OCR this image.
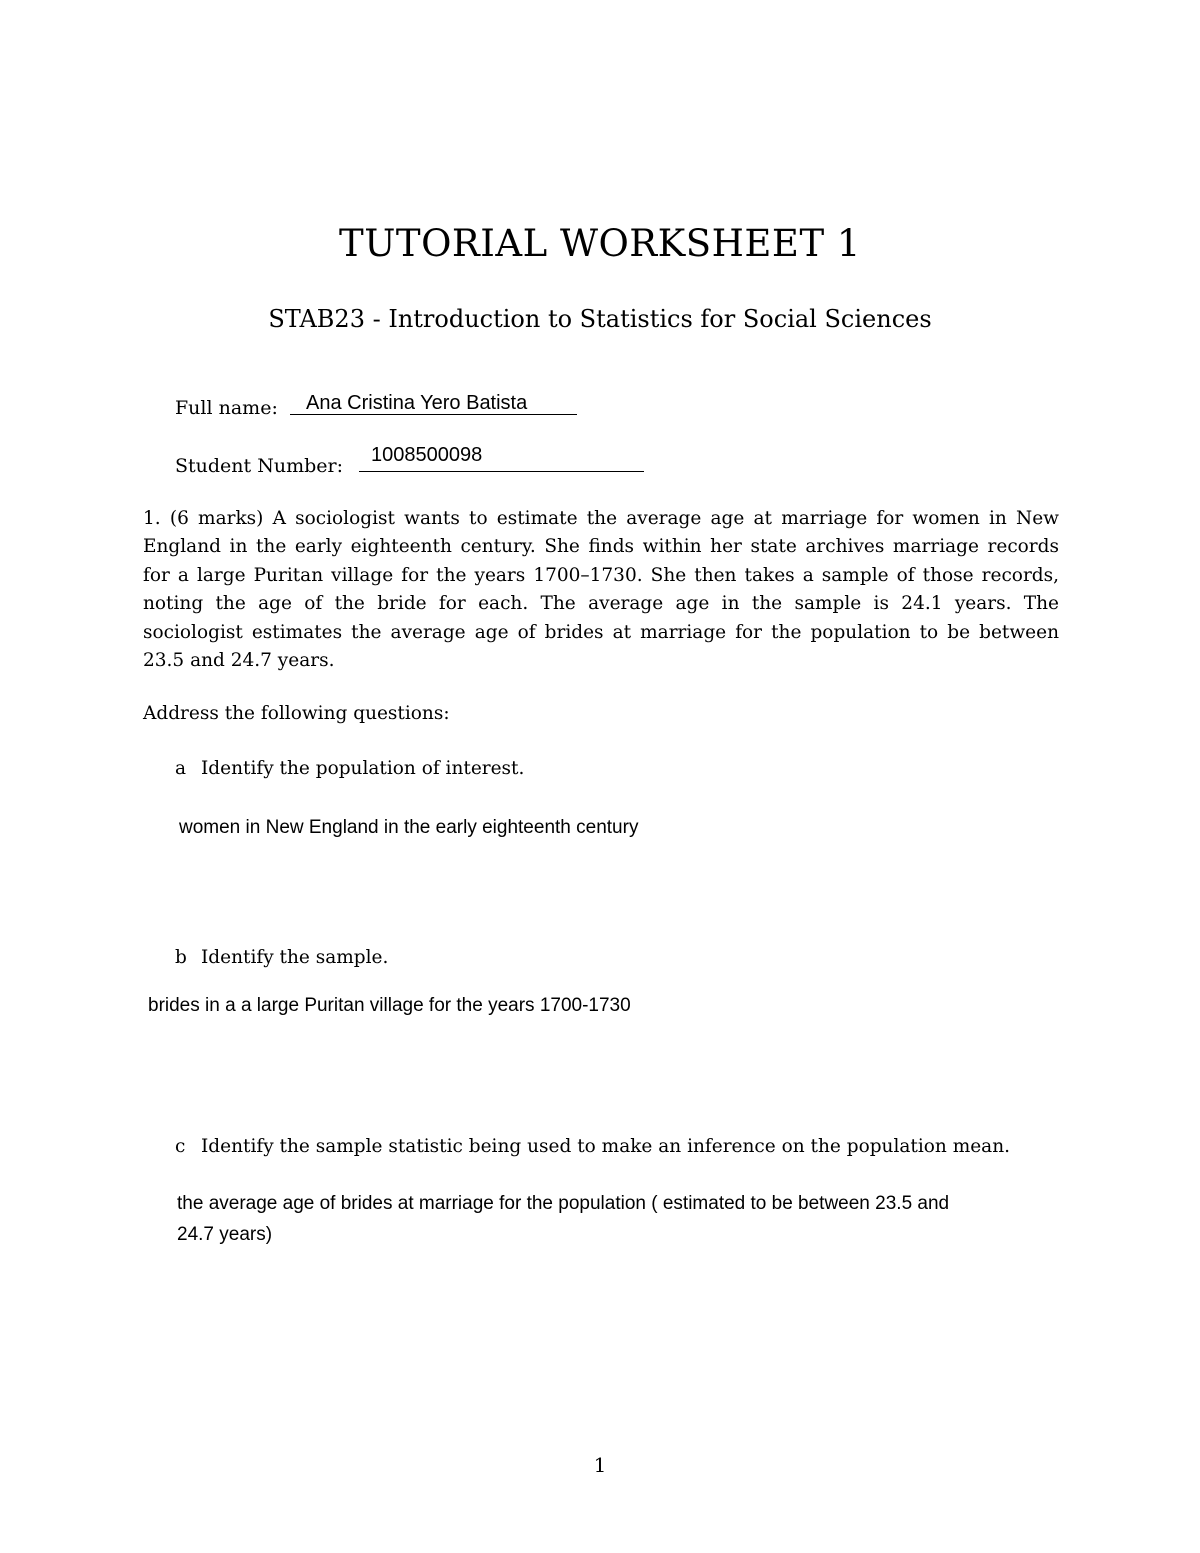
TUTORIAL WORKSHEET 1
STAB23 - Introduction to Statistics for Social Sciences
Full name: Ana Cristina Yero Batista
Student Number: 1008500098
1. (6 marks) A sociologist wants to estimate the average age at marriage for women in New
England in the early eighteenth century. She finds within her state archives marriage records
for a large Puritan village for the years 1700–1730. She then takes a sample of those records,
noting the age of the bride for each. The average age in the sample is 24.1 years. The
sociologist estimates the average age of brides at marriage for the population to be between
23.5 and 24.7 years.
Address the following questions:
a Identify the population of interest.
women in New England in the early eighteenth century
b Identify the sample.
brides in a a large Puritan village for the years 1700-1730
c Identify the sample statistic being used to make an inference on the population mean.
the average age of brides at marriage for the population ( estimated to be between 23.5 and
24.7 years)
1
